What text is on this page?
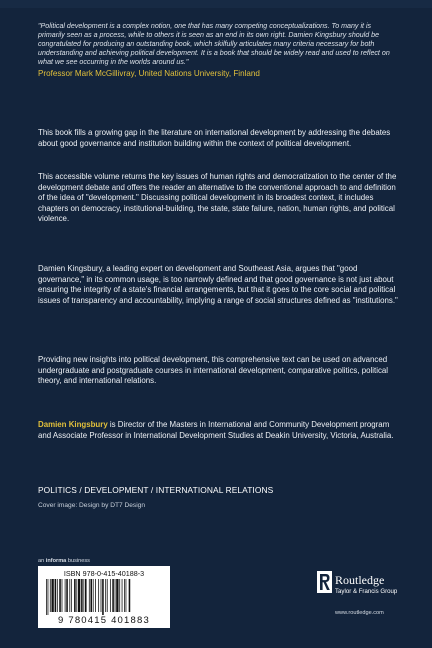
"Political development is a complex notion, one that has many competing conceptualizations. To many it is primarily seen as a process, while to others it is seen as an end in its own right. Damien Kingsbury should be congratulated for producing an outstanding book, which skilfully articulates many criteria necessary for both understanding and achieving political development. It is a book that should be widely read and used to reflect on what we see occurring in the worlds around us."

Professor Mark McGillivray, United Nations University, Finland

This book fills a growing gap in the literature on international development by addressing the debates about good governance and institution building within the context of political development.

This accessible volume returns the key issues of human rights and democratization to the center of the development debate and offers the reader an alternative to the conventional approach to and definition of the idea of "development." Discussing political development in its broadest context, it includes chapters on democracy, institutional-building, the state, state failure, nation, human rights, and political violence.

Damien Kingsbury, a leading expert on development and Southeast Asia, argues that "good governance," in its common usage, is too narrowly defined and that good governance is not just about ensuring the integrity of a state's financial arrangements, but that it goes to the core social and political issues of transparency and accountability, implying a range of social structures defined as "institutions."

Providing new insights into political development, this comprehensive text can be used on advanced undergraduate and postgraduate courses in international development, comparative politics, political theory, and international relations.

Damien Kingsbury is Director of the Masters in International and Community Development program and Associate Professor in International Development Studies at Deakin University, Victoria, Australia.

POLITICS / DEVELOPMENT / INTERNATIONAL RELATIONS
Cover image: Design by DT7 Design
an informa business
ISBN 978-0-415-40188-3
9 780415 401883
Routledge
Taylor & Francis Group
www.routledge.com
